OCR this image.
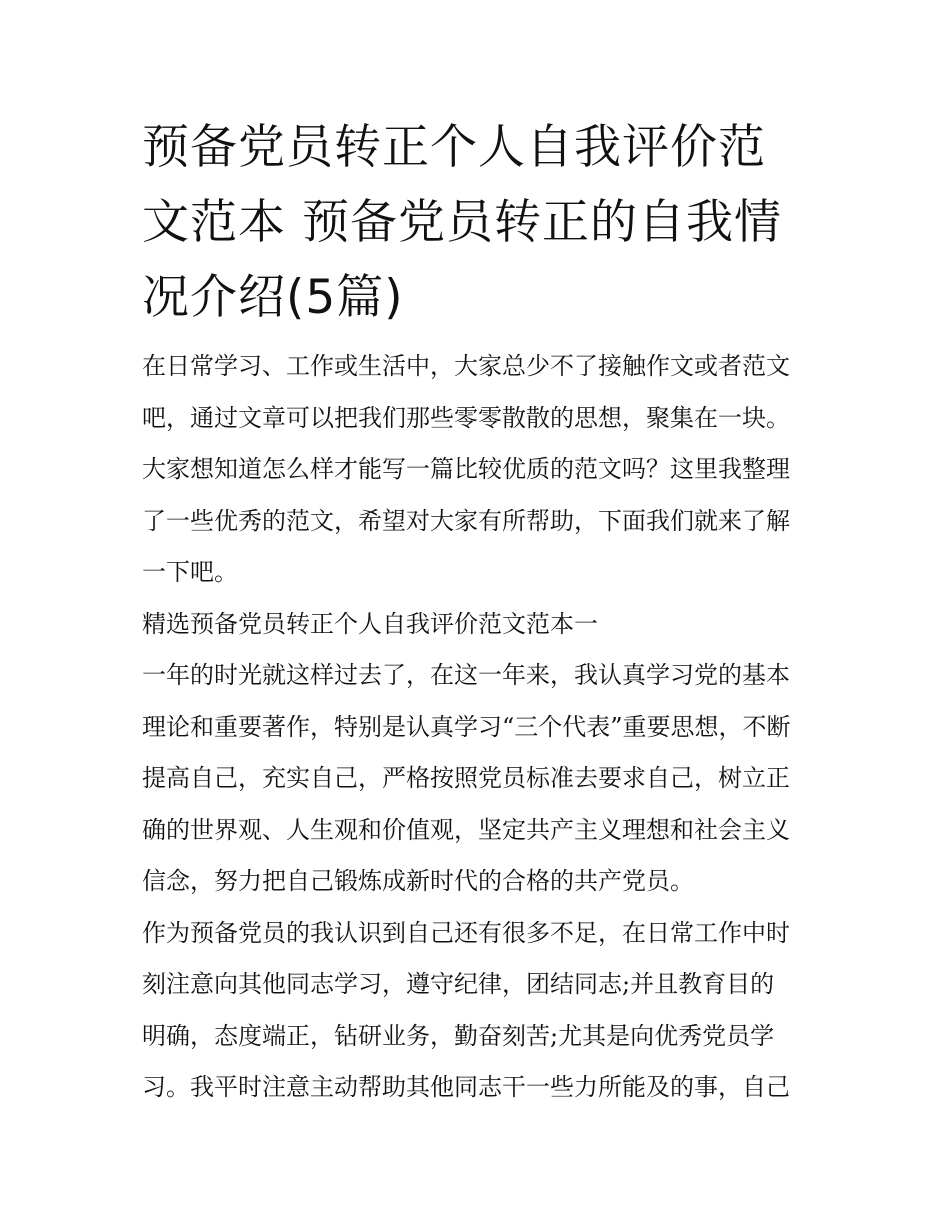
预备党员转正个人自我评价范
文范本 预备党员转正的自我情
况介绍(5篇)
在日常学习、工作或生活中，大家总少不了接触作文或者范文
吧，通过文章可以把我们那些零零散散的思想，聚集在一块。
大家想知道怎么样才能写一篇比较优质的范文吗？这里我整理
了一些优秀的范文，希望对大家有所帮助，下面我们就来了解
一下吧。
精选预备党员转正个人自我评价范文范本一
一年的时光就这样过去了，在这一年来，我认真学习党的基本
理论和重要著作，特别是认真学习“三个代表”重要思想，不断
提高自己，充实自己，严格按照党员标准去要求自己，树立正
确的世界观、人生观和价值观，坚定共产主义理想和社会主义
信念，努力把自己锻炼成新时代的合格的共产党员。
作为预备党员的我认识到自己还有很多不足，在日常工作中时
刻注意向其他同志学习，遵守纪律，团结同志;并且教育目的
明确，态度端正，钻研业务，勤奋刻苦;尤其是向优秀党员学
习。我平时注意主动帮助其他同志干一些力所能及的事，自己
